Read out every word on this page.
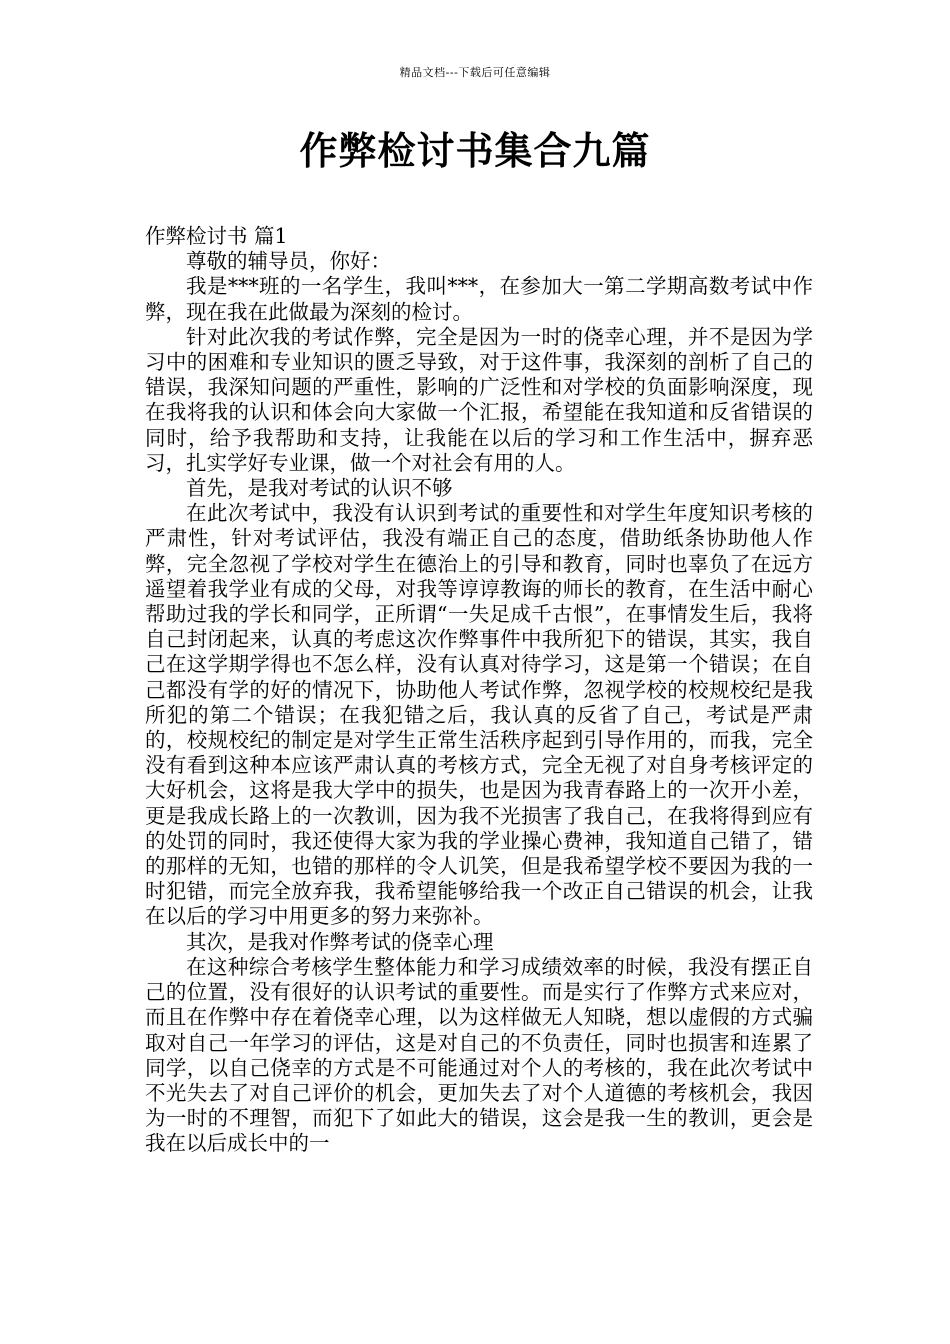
精品文档---下载后可任意编辑
作弊检讨书集合九篇

作弊检讨书 篇1

尊敬的辅导员，你好：

我是***班的一名学生，我叫***，在参加大一第二学期高数考试中作弊，现在我在此做最为深刻的检讨。

针对此次我的考试作弊，完全是因为一时的侥幸心理，并不是因为学习中的困难和专业知识的匮乏导致，对于这件事，我深刻的剖析了自己的错误，我深知问题的严重性，影响的广泛性和对学校的负面影响深度，现在我将我的认识和体会向大家做一个汇报，希望能在我知道和反省错误的同时，给予我帮助和支持，让我能在以后的学习和工作生活中，摒弃恶习，扎实学好专业课，做一个对社会有用的人。

首先，是我对考试的认识不够

在此次考试中，我没有认识到考试的重要性和对学生年度知识考核的严肃性，针对考试评估，我没有端正自己的态度，借助纸条协助他人作弊，完全忽视了学校对学生在德治上的引导和教育，同时也辜负了在远方遥望着我学业有成的父母，对我等谆谆教诲的师长的教育，在生活中耐心帮助过我的学长和同学，正所谓“一失足成千古恨”，在事情发生后，我将自己封闭起来，认真的考虑这次作弊事件中我所犯下的错误，其实，我自己在这学期学得也不怎么样，没有认真对待学习，这是第一个错误；在自己都没有学的好的情况下，协助他人考试作弊，忽视学校的校规校纪是我所犯的第二个错误；在我犯错之后，我认真的反省了自己，考试是严肃的，校规校纪的制定是对学生正常生活秩序起到引导作用的，而我，完全没有看到这种本应该严肃认真的考核方式，完全无视了对自身考核评定的大好机会，这将是我大学中的损失，也是因为我青春路上的一次开小差，更是我成长路上的一次教训，因为我不光损害了我自己，在我将得到应有的处罚的同时，我还使得大家为我的学业操心费神，我知道自己错了，错的那样的无知，也错的那样的令人讥笑，但是我希望学校不要因为我的一时犯错，而完全放弃我，我希望能够给我一个改正自己错误的机会，让我在以后的学习中用更多的努力来弥补。

其次，是我对作弊考试的侥幸心理

在这种综合考核学生整体能力和学习成绩效率的时候，我没有摆正自己的位置，没有很好的认识考试的重要性。而是实行了作弊方式来应对，而且在作弊中存在着侥幸心理，以为这样做无人知晓，想以虚假的方式骗取对自己一年学习的评估，这是对自己的不负责任，同时也损害和连累了同学，以自己侥幸的方式是不可能通过对个人的考核的，我在此次考试中不光失去了对自己评价的机会，更加失去了对个人道德的考核机会，我因为一时的不理智，而犯下了如此大的错误，这会是我一生的教训，更会是我在以后成长中的一
